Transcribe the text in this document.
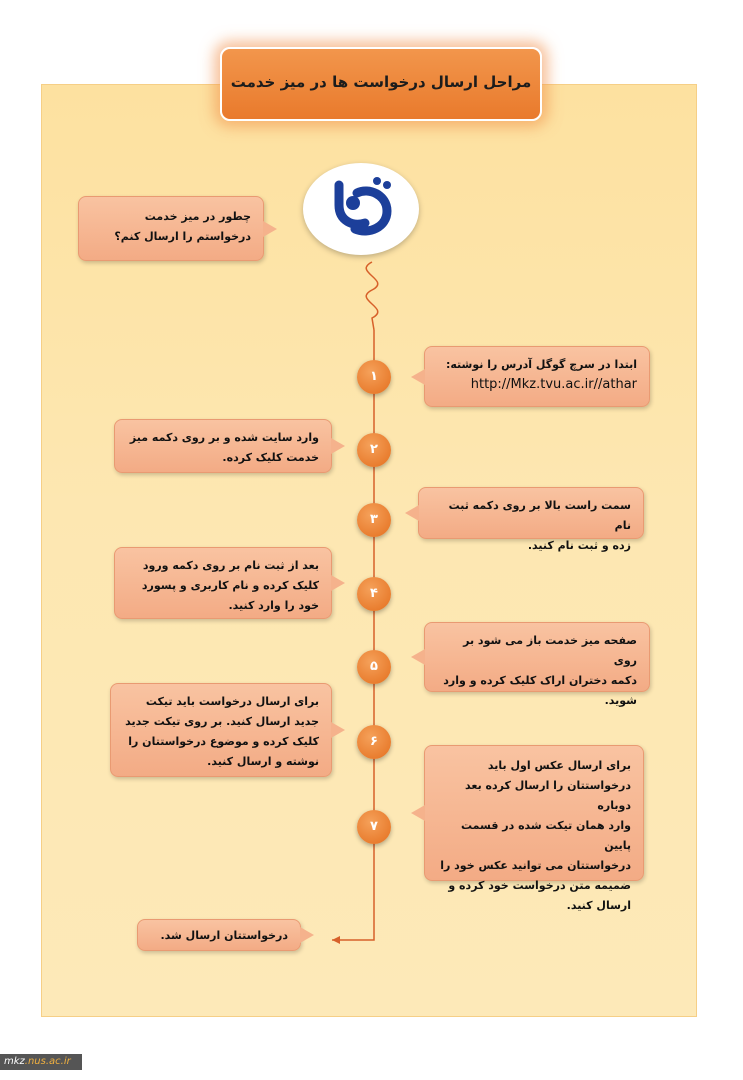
مراحل ارسال درخواست ها در میز خدمت
چطور در میز خدمت
درخواستم را ارسال کنم؟
۱
ابتدا در سرچ گوگل آدرس را نوشته:
http://Mkz.tvu.ac.ir//athar
۲
وارد سایت شده و بر روی دکمه میز
خدمت کلیک کرده.
۳
سمت راست بالا بر روی دکمه ثبت نام
زده و ثبت نام کنید.
۴
بعد از ثبت نام بر روی دکمه ورود
کلیک کرده و نام کاربری و پسورد
خود را وارد کنید.
۵
صفحه میز خدمت باز می شود بر روی
دکمه دختران اراک کلیک کرده و وارد
شوید.
۶
برای ارسال درخواست باید تیکت
جدید ارسال کنید. بر روی تیکت جدید
کلیک کرده و موضوع درخواستتان را
نوشته و ارسال کنید.
۷
برای ارسال عکس اول باید
درخواستتان را ارسال کرده بعد دوباره
وارد همان تیکت شده در قسمت پایین
درخواستتان می توانید عکس خود را
ضمیمه متن درخواست خود کرده و
ارسال کنید.
درخواستتان ارسال شد.
mkz.nus.ac.ir
